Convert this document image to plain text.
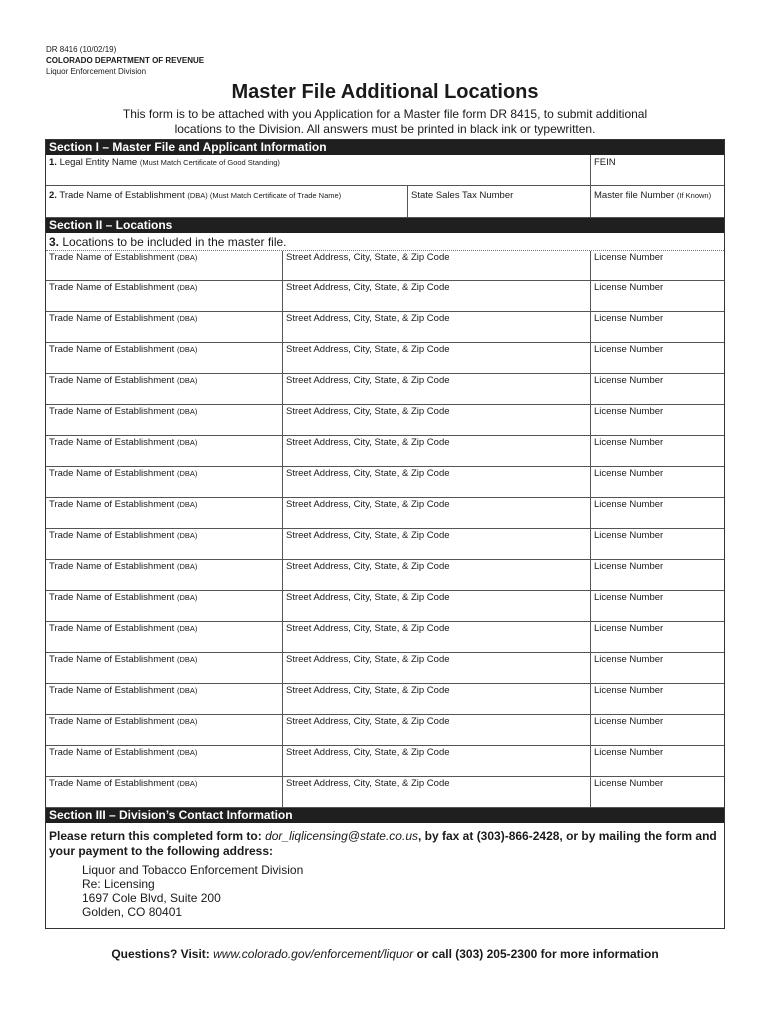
DR 8416 (10/02/19)
COLORADO DEPARTMENT OF REVENUE
Liquor Enforcement Division
Master File Additional Locations
This form is to be attached with you Application for a Master file form DR 8415, to submit additional
locations to the Division. All answers must be printed in black ink or typewritten.
Section I – Master File and Applicant Information
1. Legal Entity Name (Must Match Certificate of Good Standing)	FEIN
2. Trade Name of Establishment (DBA) (Must Match Certificate of Trade Name)	State Sales Tax Number	Master file Number (If Known)
Section II – Locations
3. Locations to be included in the master file.
Trade Name of Establishment (DBA)	Street Address, City, State, & Zip Code	License Number
Trade Name of Establishment (DBA)	Street Address, City, State, & Zip Code	License Number
Trade Name of Establishment (DBA)	Street Address, City, State, & Zip Code	License Number
Trade Name of Establishment (DBA)	Street Address, City, State, & Zip Code	License Number
Trade Name of Establishment (DBA)	Street Address, City, State, & Zip Code	License Number
Trade Name of Establishment (DBA)	Street Address, City, State, & Zip Code	License Number
Trade Name of Establishment (DBA)	Street Address, City, State, & Zip Code	License Number
Trade Name of Establishment (DBA)	Street Address, City, State, & Zip Code	License Number
Trade Name of Establishment (DBA)	Street Address, City, State, & Zip Code	License Number
Trade Name of Establishment (DBA)	Street Address, City, State, & Zip Code	License Number
Trade Name of Establishment (DBA)	Street Address, City, State, & Zip Code	License Number
Trade Name of Establishment (DBA)	Street Address, City, State, & Zip Code	License Number
Trade Name of Establishment (DBA)	Street Address, City, State, & Zip Code	License Number
Trade Name of Establishment (DBA)	Street Address, City, State, & Zip Code	License Number
Trade Name of Establishment (DBA)	Street Address, City, State, & Zip Code	License Number
Trade Name of Establishment (DBA)	Street Address, City, State, & Zip Code	License Number
Trade Name of Establishment (DBA)	Street Address, City, State, & Zip Code	License Number
Trade Name of Establishment (DBA)	Street Address, City, State, & Zip Code	License Number
Section III – Division’s Contact Information
Please return this completed form to: dor_liqlicensing@state.co.us, by fax at (303)-866-2428, or by mailing the form and your payment to the following address:
Liquor and Tobacco Enforcement Division
Re: Licensing
1697 Cole Blvd, Suite 200
Golden, CO 80401
Questions? Visit: www.colorado.gov/enforcement/liquor or call (303) 205-2300 for more information
